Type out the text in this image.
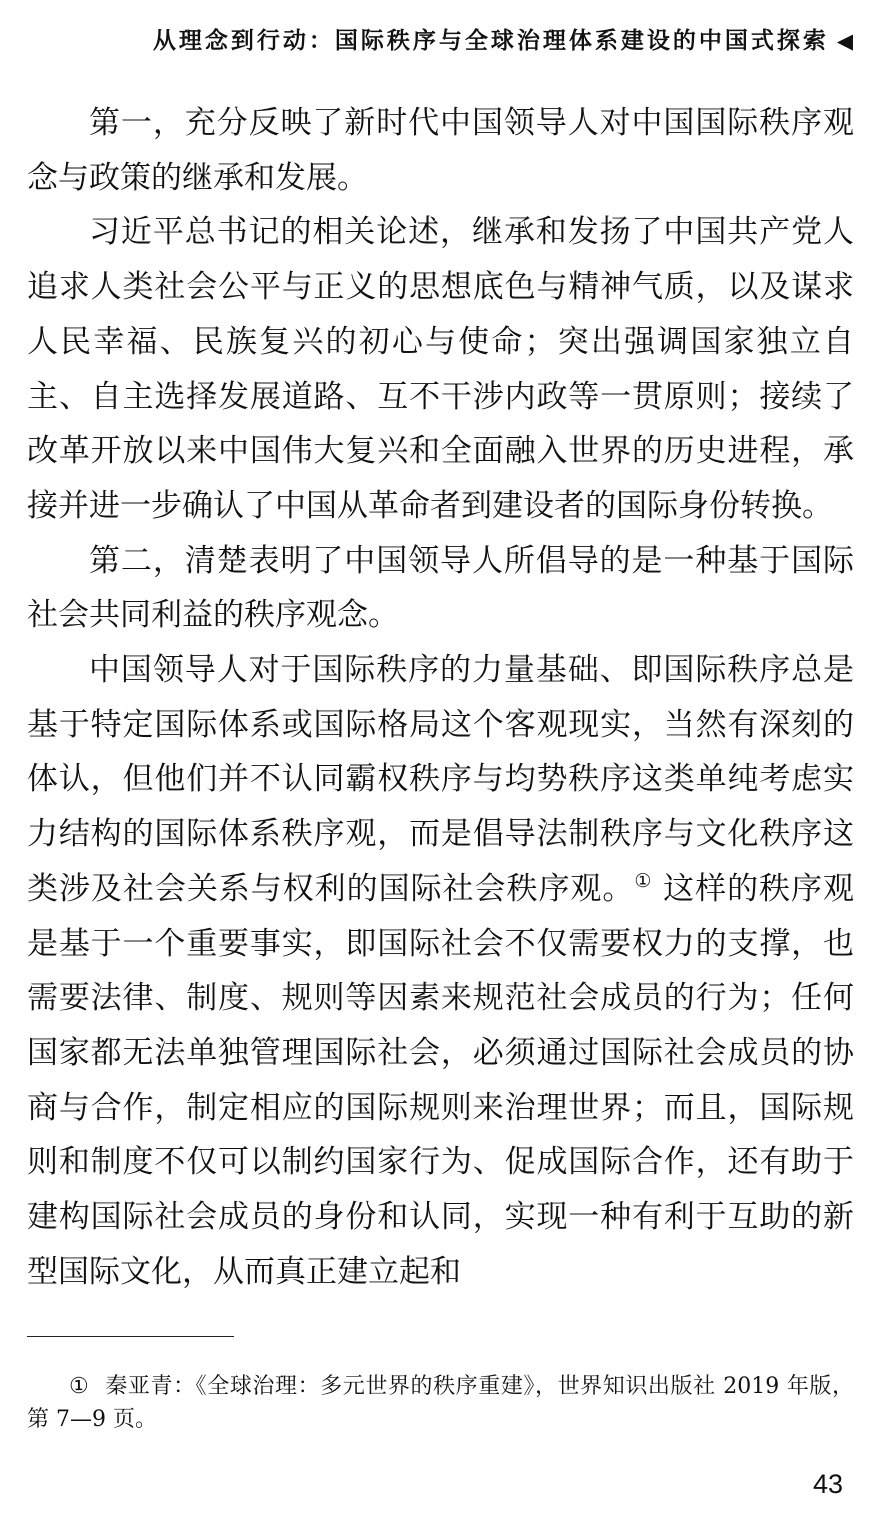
从理念到行动：国际秩序与全球治理体系建设的中国式探索 ◀

第一，充分反映了新时代中国领导人对中国国际秩序观念与政策的继承和发展。

习近平总书记的相关论述，继承和发扬了中国共产党人追求人类社会公平与正义的思想底色与精神气质，以及谋求人民幸福、民族复兴的初心与使命；突出强调国家独立自主、自主选择发展道路、互不干涉内政等一贯原则；接续了改革开放以来中国伟大复兴和全面融入世界的历史进程，承接并进一步确认了中国从革命者到建设者的国际身份转换。

第二，清楚表明了中国领导人所倡导的是一种基于国际社会共同利益的秩序观念。

中国领导人对于国际秩序的力量基础、即国际秩序总是基于特定国际体系或国际格局这个客观现实，当然有深刻的体认，但他们并不认同霸权秩序与均势秩序这类单纯考虑实力结构的国际体系秩序观，而是倡导法制秩序与文化秩序这类涉及社会关系与权利的国际社会秩序观。① 这样的秩序观是基于一个重要事实，即国际社会不仅需要权力的支撑，也需要法律、制度、规则等因素来规范社会成员的行为；任何国家都无法单独管理国际社会，必须通过国际社会成员的协商与合作，制定相应的国际规则来治理世界；而且，国际规则和制度不仅可以制约国家行为、促成国际合作，还有助于建构国际社会成员的身份和认同，实现一种有利于互助的新型国际文化，从而真正建立起和

① 秦亚青：《全球治理：多元世界的秩序重建》，世界知识出版社 2019 年版，第 7—9 页。

43
